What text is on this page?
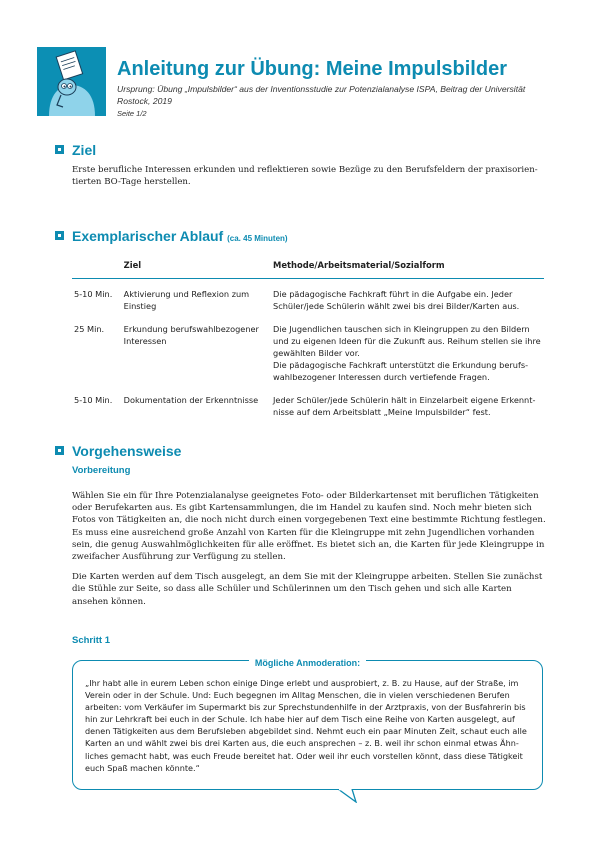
Anleitung zur Übung: Meine Impulsbilder
Ursprung: Übung „Impulsbilder“ aus der Inventionsstudie zur Potenzialanalyse ISPA, Beitrag der Universität Rostock, 2019
Seite 1/2
Ziel
Erste berufliche Interessen erkunden und reflektieren sowie Bezüge zu den Berufsfeldern der praxisorien-tierten BO-Tage herstellen.
Exemplarischer Ablauf (ca. 45 Minuten)
	Ziel	Methode/Arbeitsmaterial/Sozialform
5-10 Min.	Aktivierung und Reflexion zum Einstieg	Die pädagogische Fachkraft führt in die Aufgabe ein. Jeder Schüler/jede Schülerin wählt zwei bis drei Bilder/Karten aus.
25 Min.	Erkundung berufswahlbezogener Interessen	Die Jugendlichen tauschen sich in Kleingruppen zu den Bildern und zu eigenen Ideen für die Zukunft aus. Reihum stellen sie ihre gewählten Bilder vor.
Die pädagogische Fachkraft unterstützt die Erkundung berufs-wahlbezogener Interessen durch vertiefende Fragen.

5-10 Min.	Dokumentation der Erkenntnisse	Jeder Schüler/jede Schülerin hält in Einzelarbeit eigene Erkennt-nisse auf dem Arbeitsblatt „Meine Impulsbilder“ fest.
Vorgehensweise
Vorbereitung

Wählen Sie ein für Ihre Potenzialanalyse geeignetes Foto- oder Bilderkartenset mit beruflichen Tätigkeiten oder Berufekarten aus. Es gibt Kartensammlungen, die im Handel zu kaufen sind. Noch mehr bieten sich Fotos von Tätigkeiten an, die noch nicht durch einen vorgegebenen Text eine bestimmte Richtung festlegen. Es muss eine ausreichend große Anzahl von Karten für die Kleingruppe mit zehn Jugendlichen vorhanden sein, die genug Auswahlmöglichkeiten für alle eröffnet. Es bietet sich an, die Karten für jede Kleingruppe in zweifacher Ausführung zur Verfügung zu stellen.

Die Karten werden auf dem Tisch ausgelegt, an dem Sie mit der Kleingruppe arbeiten. Stellen Sie zunächst die Stühle zur Seite, so dass alle Schüler und Schülerinnen um den Tisch gehen und sich alle Karten ansehen können.

Schritt 1
Mögliche Anmoderation:
„Ihr habt alle in eurem Leben schon einige Dinge erlebt und ausprobiert, z. B. zu Hause, auf der Straße, im Verein oder in der Schule. Und: Euch begegnen im Alltag Menschen, die in vielen verschiedenen Berufen arbeiten: vom Verkäufer im Supermarkt bis zur Sprechstundenhilfe in der Arztpraxis, von der Busfahrerin bis hin zur Lehrkraft bei euch in der Schule. Ich habe hier auf dem Tisch eine Reihe von Karten ausgelegt, auf denen Tätigkeiten aus dem Berufsleben abgebildet sind. Nehmt euch ein paar Minuten Zeit, schaut euch alle Karten an und wählt zwei bis drei Karten aus, die euch ansprechen – z. B. weil ihr schon einmal etwas Ähn-liches gemacht habt, was euch Freude bereitet hat. Oder weil ihr euch vorstellen könnt, dass diese Tätigkeit euch Spaß machen könnte.“
